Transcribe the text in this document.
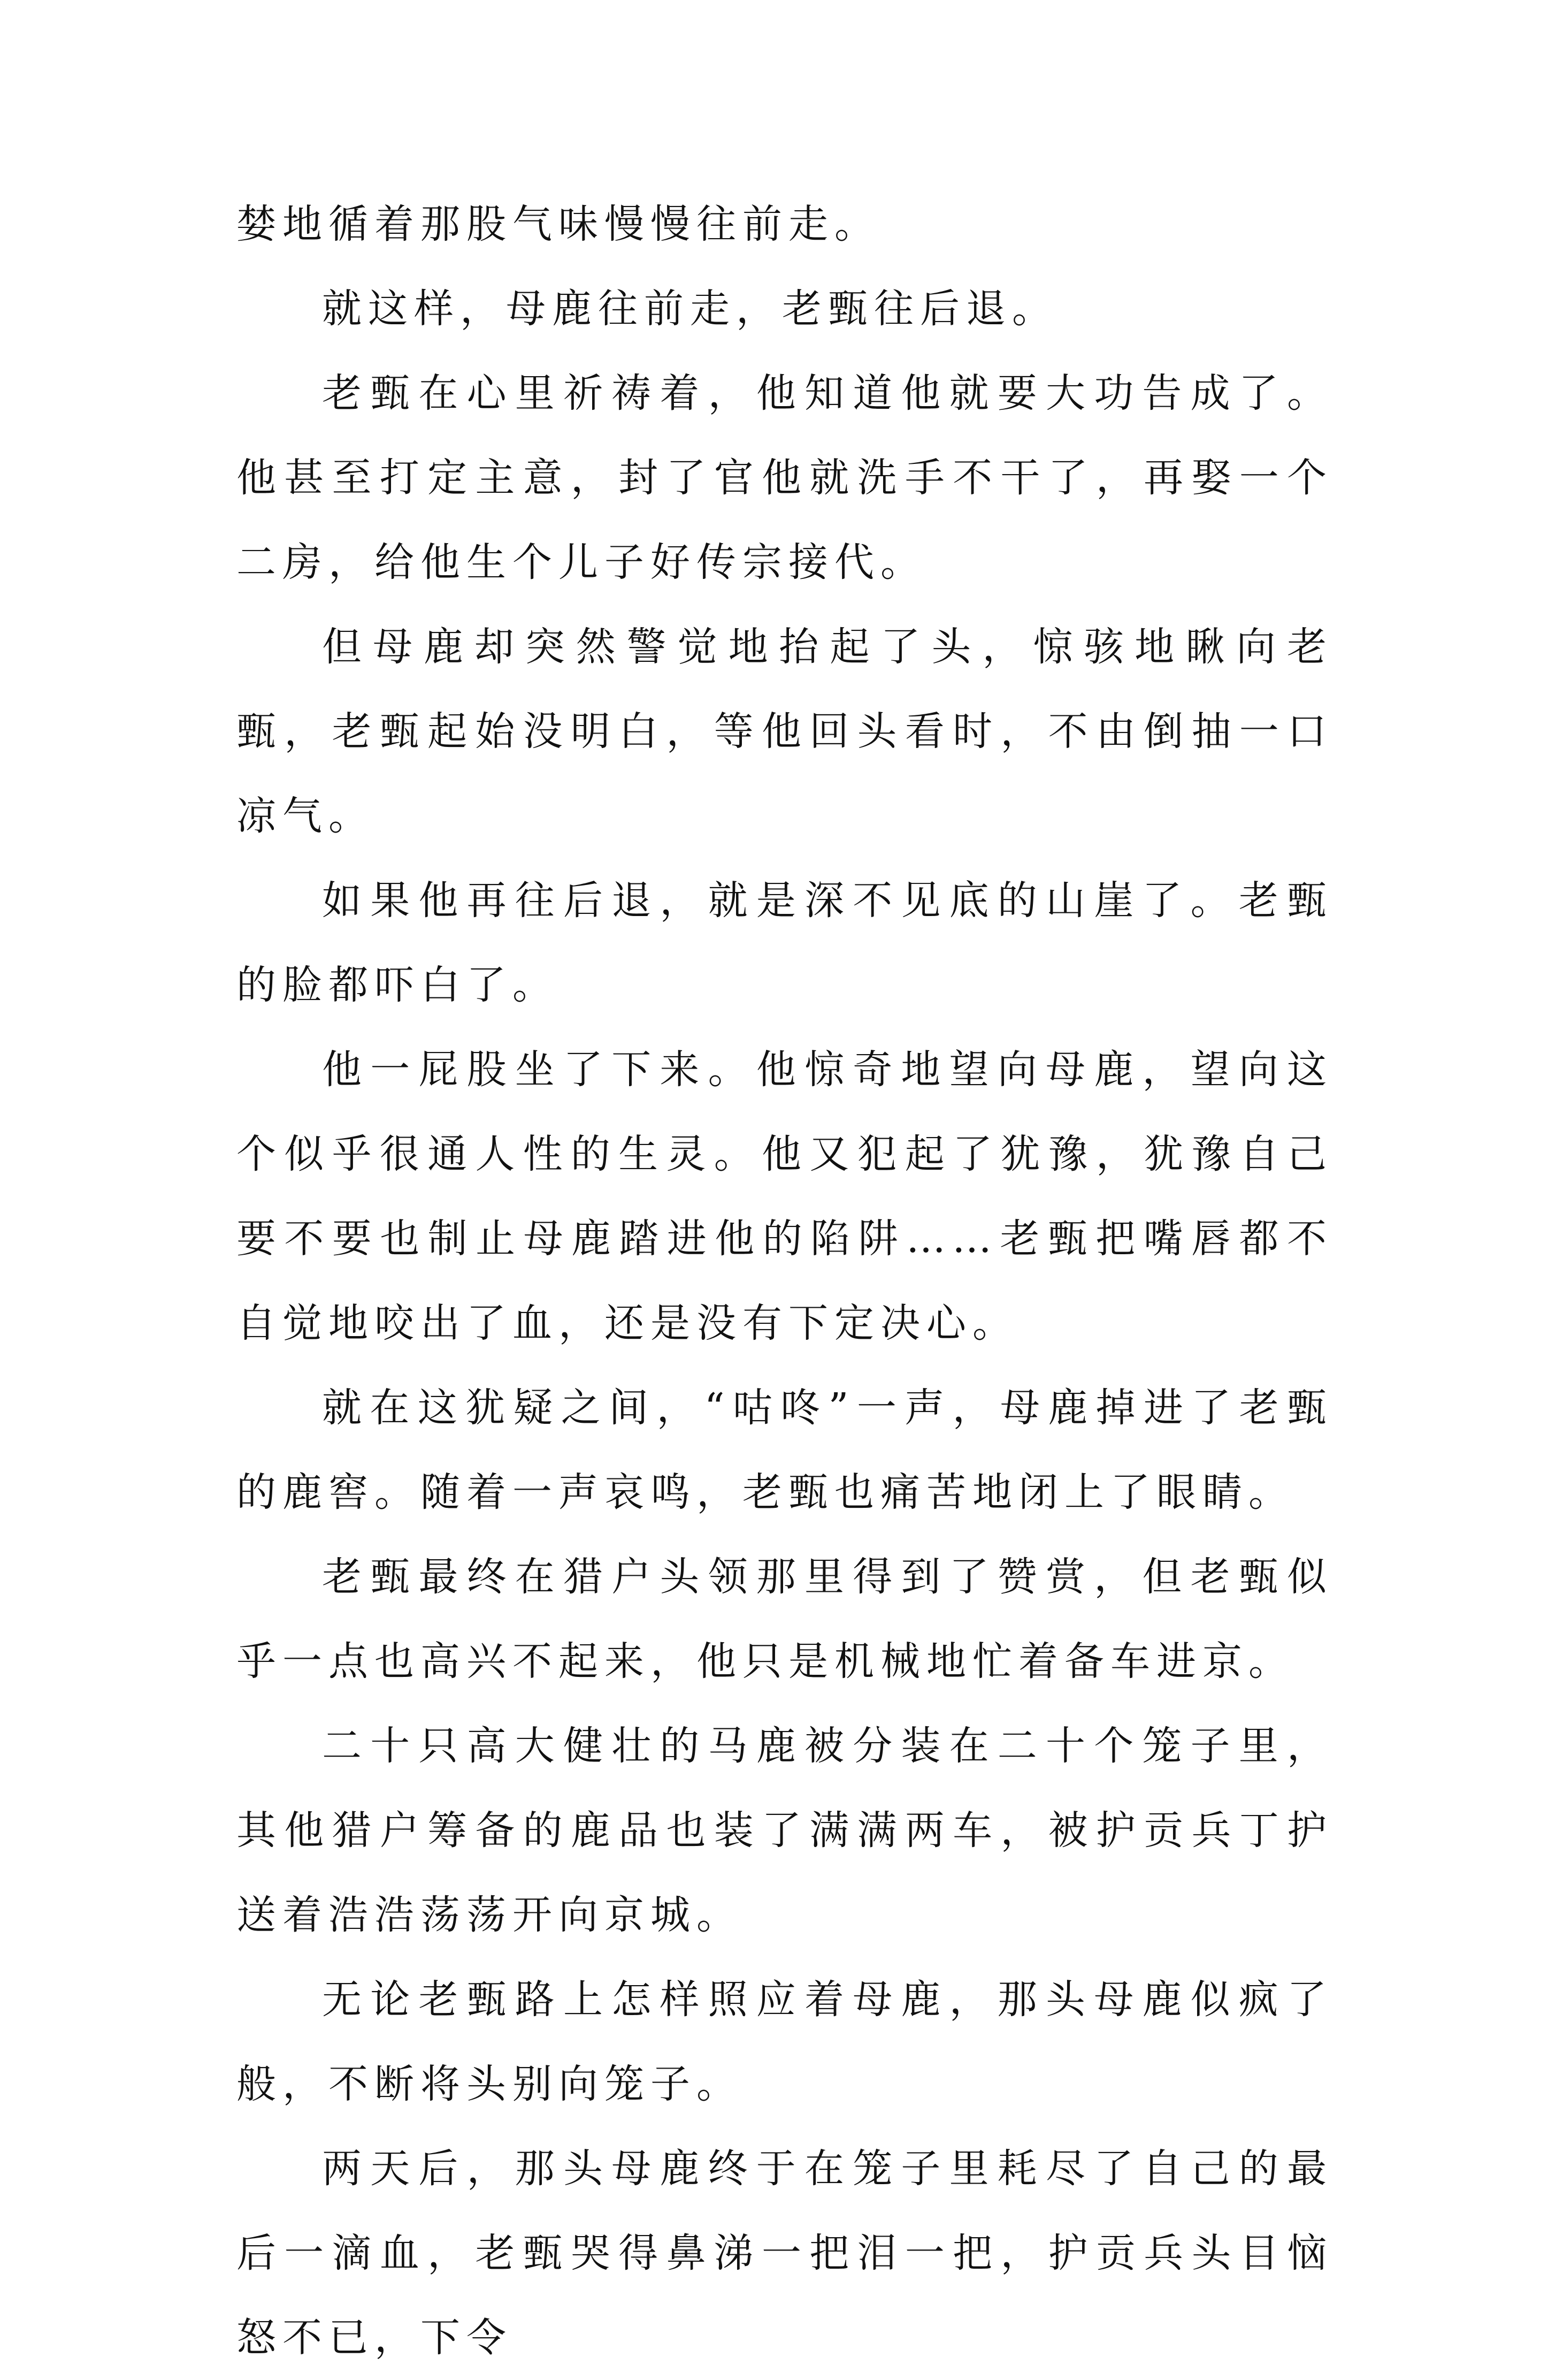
婪地循着那股气味慢慢往前走。

就这样，母鹿往前走，老甄往后退。

老甄在心里祈祷着，他知道他就要大功告成了。他甚至打定主意，封了官他就洗手不干了，再娶一个二房，给他生个儿子好传宗接代。

但母鹿却突然警觉地抬起了头，惊骇地瞅向老甄，老甄起始没明白，等他回头看时，不由倒抽一口凉气。

如果他再往后退，就是深不见底的山崖了。老甄的脸都吓白了。

他一屁股坐了下来。他惊奇地望向母鹿，望向这个似乎很通人性的生灵。他又犯起了犹豫，犹豫自己要不要也制止母鹿踏进他的陷阱……老甄把嘴唇都不自觉地咬出了血，还是没有下定决心。

就在这犹疑之间，“咕咚”一声，母鹿掉进了老甄的鹿窖。随着一声哀鸣，老甄也痛苦地闭上了眼睛。

老甄最终在猎户头领那里得到了赞赏，但老甄似乎一点也高兴不起来，他只是机械地忙着备车进京。

二十只高大健壮的马鹿被分装在二十个笼子里，其他猎户筹备的鹿品也装了满满两车，被护贡兵丁护送着浩浩荡荡开向京城。

无论老甄路上怎样照应着母鹿，那头母鹿似疯了般，不断将头别向笼子。

两天后，那头母鹿终于在笼子里耗尽了自己的最后一滴血，老甄哭得鼻涕一把泪一把，护贡兵头目恼怒不已，下令
